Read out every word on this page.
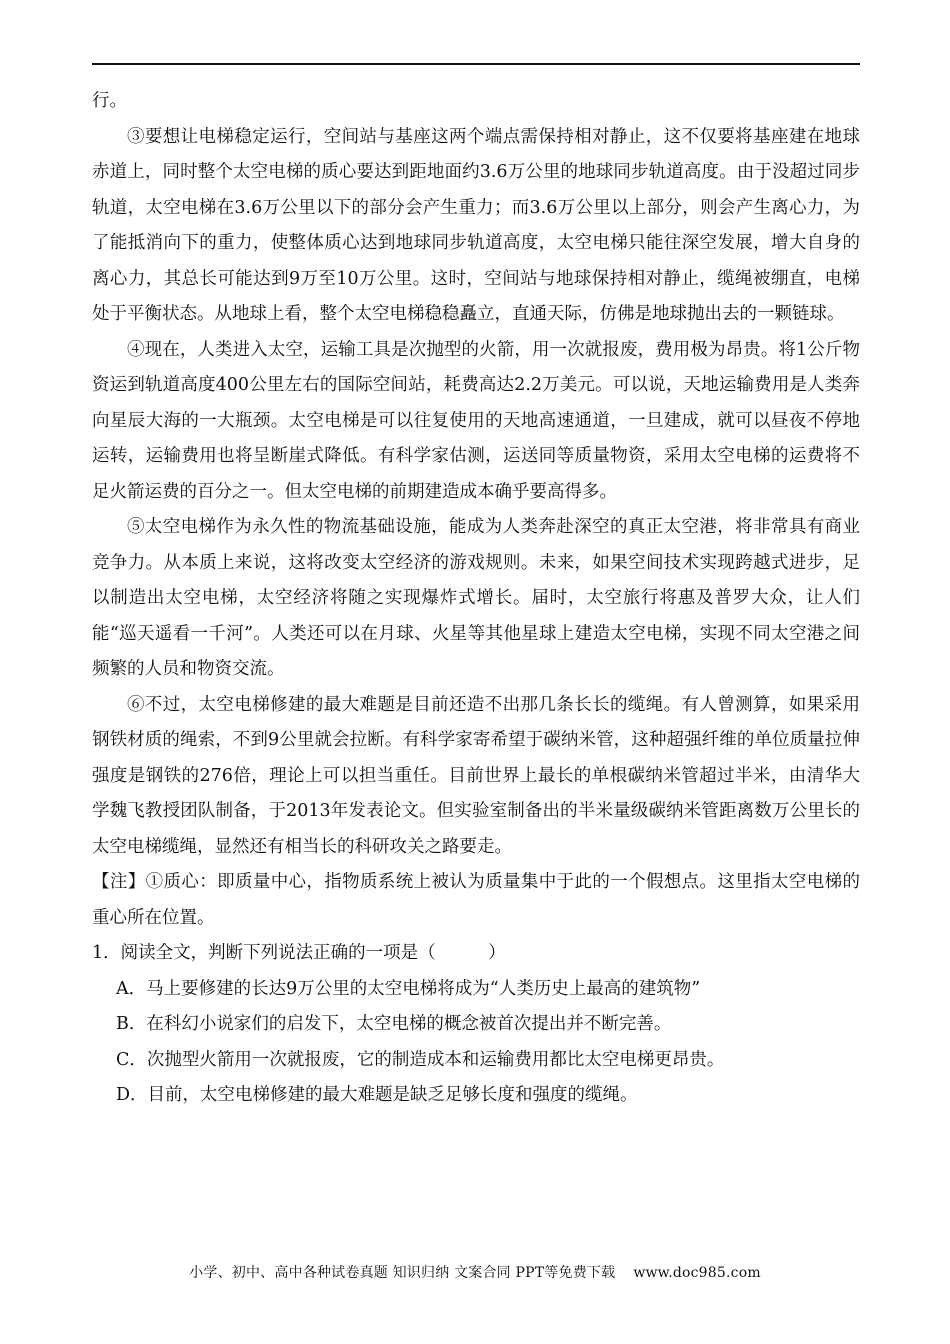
行。

③要想让电梯稳定运行，空间站与基座这两个端点需保持相对静止，这不仅要将基座建在地球赤道上，同时整个太空电梯的质心要达到距地面约3.6万公里的地球同步轨道高度。由于没超过同步轨道，太空电梯在3.6万公里以下的部分会产生重力；而3.6万公里以上部分，则会产生离心力，为了能抵消向下的重力，使整体质心达到地球同步轨道高度，太空电梯只能往深空发展，增大自身的离心力，其总长可能达到9万至10万公里。这时，空间站与地球保持相对静止，缆绳被绷直，电梯处于平衡状态。从地球上看，整个太空电梯稳稳矗立，直通天际，仿佛是地球抛出去的一颗链球。

④现在，人类进入太空，运输工具是次抛型的火箭，用一次就报废，费用极为昂贵。将1公斤物资运到轨道高度400公里左右的国际空间站，耗费高达2.2万美元。可以说，天地运输费用是人类奔向星辰大海的一大瓶颈。太空电梯是可以往复使用的天地高速通道，一旦建成，就可以昼夜不停地运转，运输费用也将呈断崖式降低。有科学家估测，运送同等质量物资，采用太空电梯的运费将不足火箭运费的百分之一。但太空电梯的前期建造成本确乎要高得多。

⑤太空电梯作为永久性的物流基础设施，能成为人类奔赴深空的真正太空港，将非常具有商业竞争力。从本质上来说，这将改变太空经济的游戏规则。未来，如果空间技术实现跨越式进步，足以制造出太空电梯，太空经济将随之实现爆炸式增长。届时，太空旅行将惠及普罗大众，让人们能“巡天遥看一千河”。人类还可以在月球、火星等其他星球上建造太空电梯，实现不同太空港之间频繁的人员和物资交流。

⑥不过，太空电梯修建的最大难题是目前还造不出那几条长长的缆绳。有人曾测算，如果采用钢铁材质的绳索，不到9公里就会拉断。有科学家寄希望于碳纳米管，这种超强纤维的单位质量拉伸强度是钢铁的276倍，理论上可以担当重任。目前世界上最长的单根碳纳米管超过半米，由清华大学魏飞教授团队制备，于2013年发表论文。但实验室制备出的半米量级碳纳米管距离数万公里长的太空电梯缆绳，显然还有相当长的科研攻关之路要走。

【注】①质心：即质量中心，指物质系统上被认为质量集中于此的一个假想点。这里指太空电梯的重心所在位置。

1．阅读全文，判断下列说法正确的一项是（　　　）

A．马上要修建的长达9万公里的太空电梯将成为“人类历史上最高的建筑物”

B．在科幻小说家们的启发下，太空电梯的概念被首次提出并不断完善。

C．次抛型火箭用一次就报废，它的制造成本和运输费用都比太空电梯更昂贵。

D．目前，太空电梯修建的最大难题是缺乏足够长度和强度的缆绳。

小学、初中、高中各种试卷真题 知识归纳 文案合同 PPT等免费下载 www.doc985.com
